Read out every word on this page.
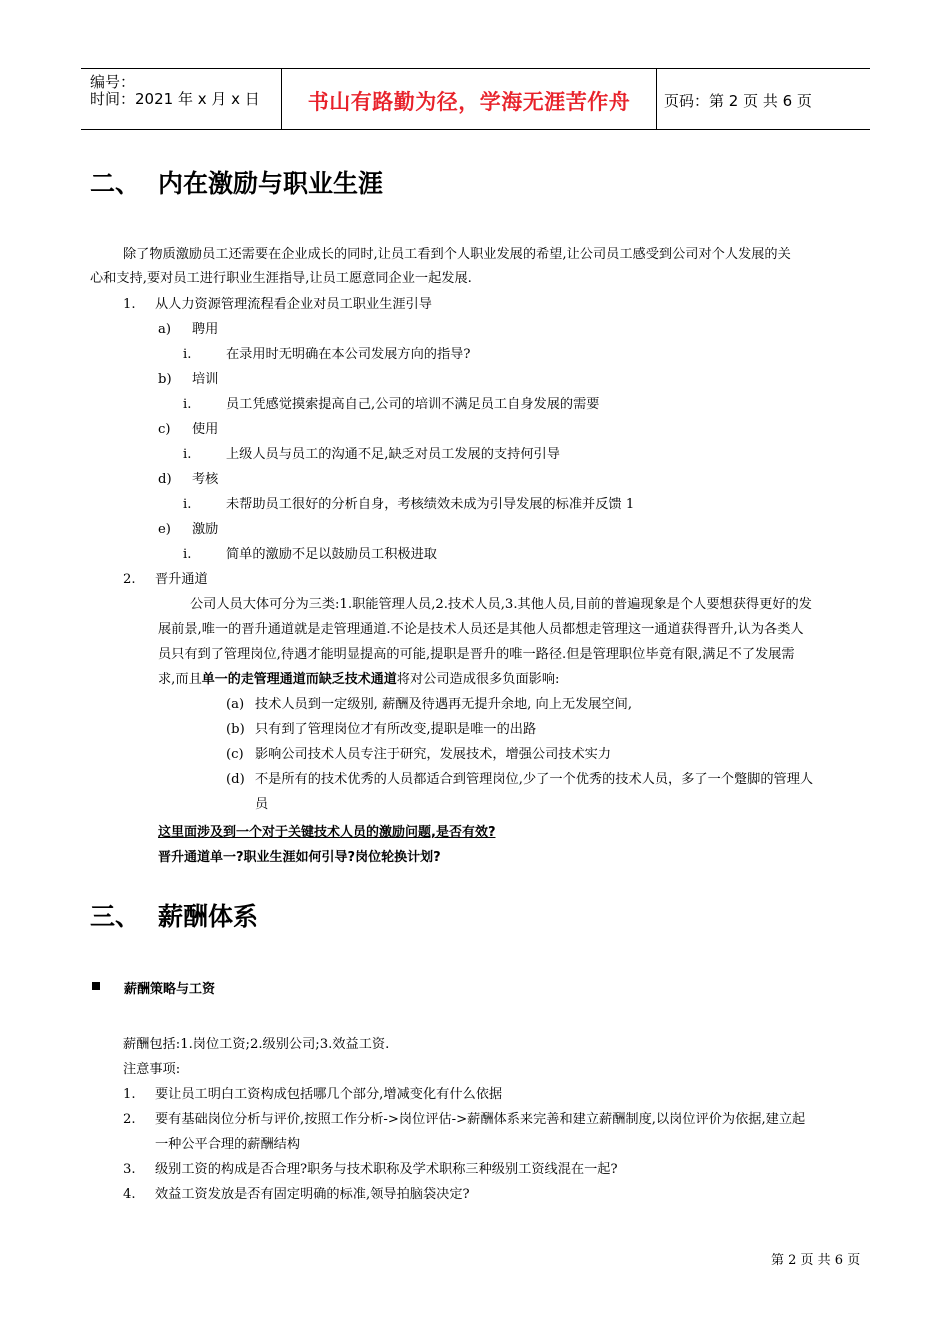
编号：
时间：2021 年 x 月 x 日	书山有路勤为径，学海无涯苦作舟	页码：第 2 页 共 6 页
二、 内在激励与职业生涯
除了物质激励员工还需要在企业成长的同时,让员工看到个人职业发展的希望,让公司员工感受到公司对个人发展的关
心和支持,要对员工进行职业生涯指导,让员工愿意同企业一起发展.
1. 从人力资源管理流程看企业对员工职业生涯引导
a) 聘用
i.	在录用时无明确在本公司发展方向的指导?
b) 培训
i.	员工凭感觉摸索提高自己,公司的培训不满足员工自身发展的需要
c) 使用
i.	上级人员与员工的沟通不足,缺乏对员工发展的支持何引导
d) 考核
i.	未帮助员工很好的分析自身，考核绩效未成为引导发展的标准并反馈 1
e) 激励
i.	简单的激励不足以鼓励员工积极进取
2. 晋升通道
公司人员大体可分为三类:1.职能管理人员,2.技术人员,3.其他人员,目前的普遍现象是个人要想获得更好的发
展前景,唯一的晋升通道就是走管理通道.不论是技术人员还是其他人员都想走管理这一通道获得晋升,认为各类人
员只有到了管理岗位,待遇才能明显提高的可能,提职是晋升的唯一路径.但是管理职位毕竟有限,满足不了发展需
求,而且单一的走管理通道而缺乏技术通道将对公司造成很多负面影响:
(a) 技术人员到一定级别, 薪酬及待遇再无提升余地, 向上无发展空间,
(b) 只有到了管理岗位才有所改变,提职是唯一的出路
(c) 影响公司技术人员专注于研究，发展技术，增强公司技术实力
(d) 不是所有的技术优秀的人员都适合到管理岗位,少了一个优秀的技术人员，多了一个蹩脚的管理人
员
这里面涉及到一个对于关键技术人员的激励问题,是否有效?
晋升通道单一?职业生涯如何引导?岗位轮换计划?
三、 薪酬体系
薪酬策略与工资
薪酬包括:1.岗位工资;2.级别公司;3.效益工资.
注意事项:
1. 要让员工明白工资构成包括哪几个部分,增减变化有什么依据
2. 要有基础岗位分析与评价,按照工作分析->岗位评估->薪酬体系来完善和建立薪酬制度,以岗位评价为依据,建立起
一种公平合理的薪酬结构
3. 级别工资的构成是否合理?职务与技术职称及学术职称三种级别工资线混在一起?
4. 效益工资发放是否有固定明确的标准,领导拍脑袋决定?
第 2 页 共 6 页
